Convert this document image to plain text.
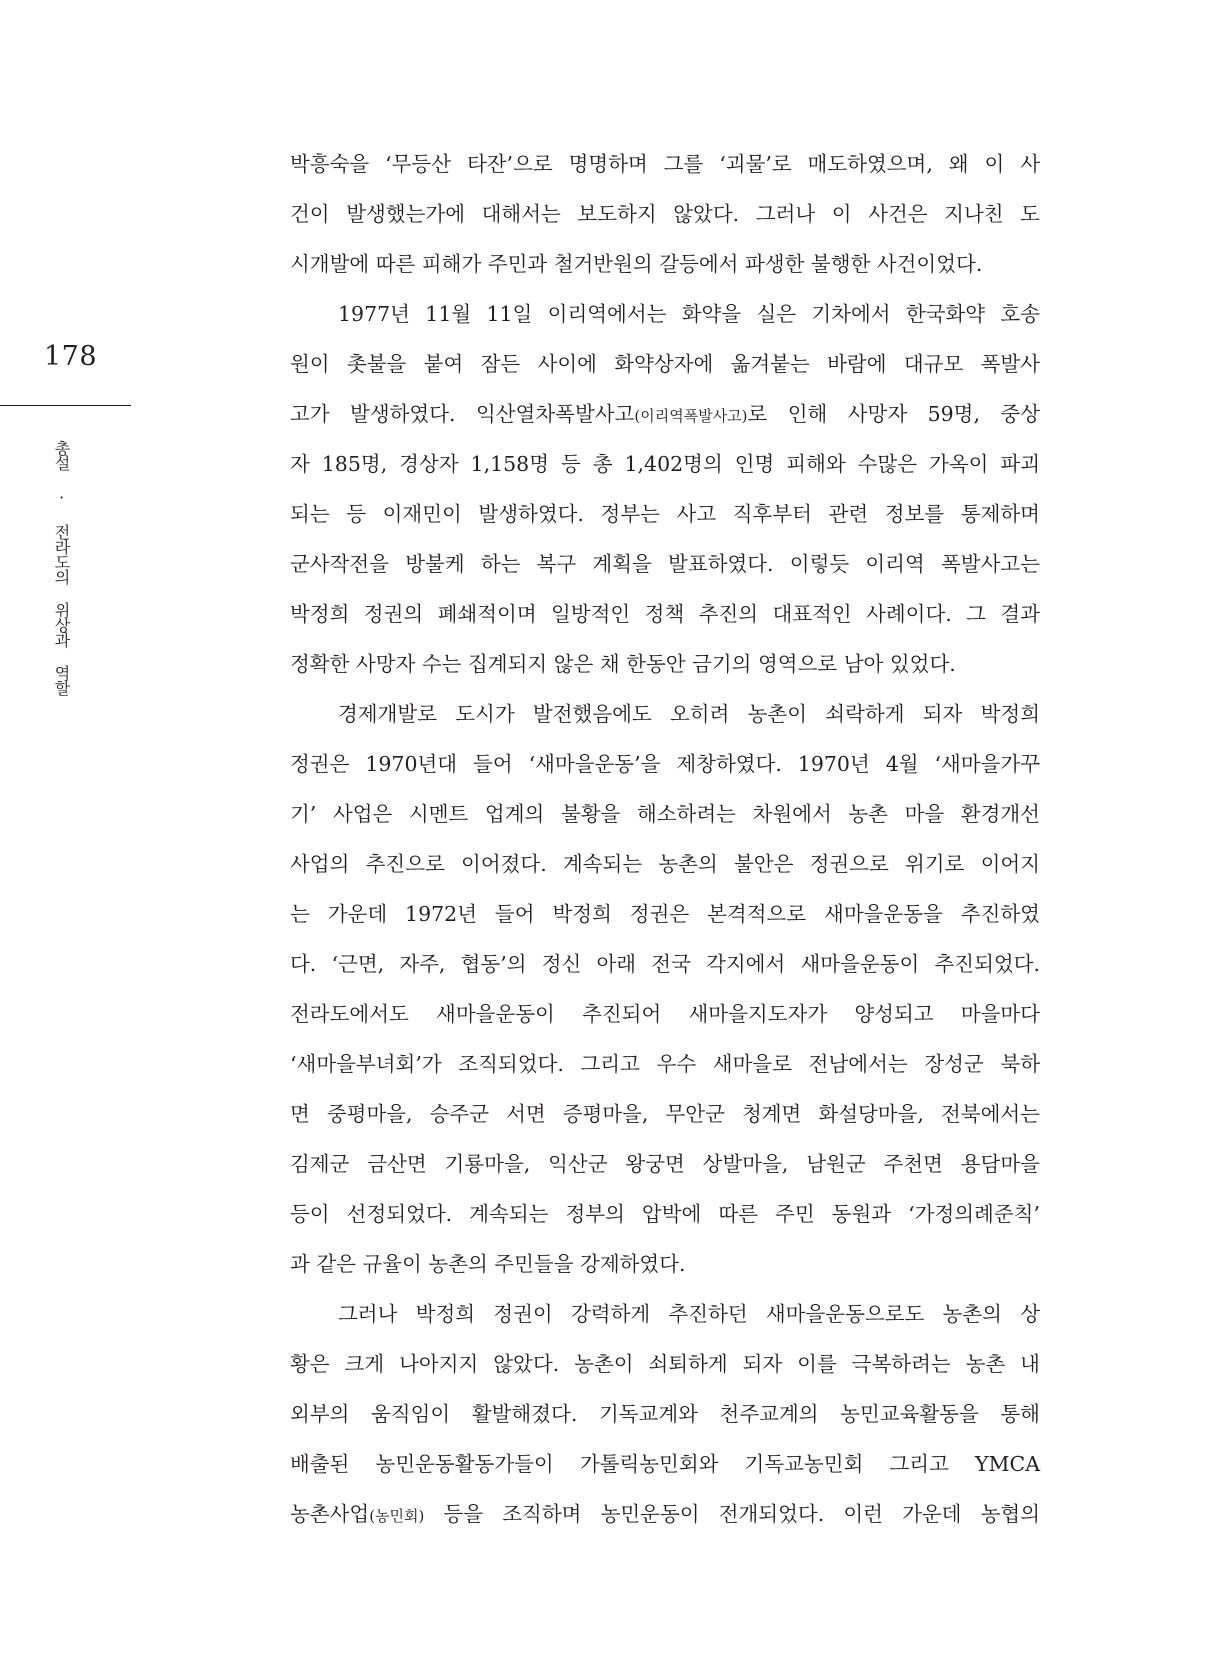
178
총설 · 전라도의 위상과 역할
박흥숙을 ‘무등산 타잔’으로 명명하며 그를 ‘괴물’로 매도하였으며, 왜 이 사
건이 발생했는가에 대해서는 보도하지 않았다. 그러나 이 사건은 지나친 도
시개발에 따른 피해가 주민과 철거반원의 갈등에서 파생한 불행한 사건이었다.
1977년 11월 11일 이리역에서는 화약을 실은 기차에서 한국화약 호송
원이 촛불을 붙여 잠든 사이에 화약상자에 옮겨붙는 바람에 대규모 폭발사
고가 발생하였다. 익산열차폭발사고(이리역폭발사고)로 인해 사망자 59명, 중상
자 185명, 경상자 1,158명 등 총 1,402명의 인명 피해와 수많은 가옥이 파괴
되는 등 이재민이 발생하였다. 정부는 사고 직후부터 관련 정보를 통제하며
군사작전을 방불케 하는 복구 계획을 발표하였다. 이렇듯 이리역 폭발사고는
박정희 정권의 폐쇄적이며 일방적인 정책 추진의 대표적인 사례이다. 그 결과
정확한 사망자 수는 집계되지 않은 채 한동안 금기의 영역으로 남아 있었다.
경제개발로 도시가 발전했음에도 오히려 농촌이 쇠락하게 되자 박정희
정권은 1970년대 들어 ‘새마을운동’을 제창하였다. 1970년 4월 ‘새마을가꾸
기’ 사업은 시멘트 업계의 불황을 해소하려는 차원에서 농촌 마을 환경개선
사업의 추진으로 이어졌다. 계속되는 농촌의 불안은 정권으로 위기로 이어지
는 가운데 1972년 들어 박정희 정권은 본격적으로 새마을운동을 추진하였
다. ‘근면, 자주, 협동’의 정신 아래 전국 각지에서 새마을운동이 추진되었다.
전라도에서도 새마을운동이 추진되어 새마을지도자가 양성되고 마을마다
‘새마을부녀회’가 조직되었다. 그리고 우수 새마을로 전남에서는 장성군 북하
면 중평마을, 승주군 서면 증평마을, 무안군 청계면 화설당마을, 전북에서는
김제군 금산면 기룡마을, 익산군 왕궁면 상발마을, 남원군 주천면 용담마을
등이 선정되었다. 계속되는 정부의 압박에 따른 주민 동원과 ‘가정의례준칙’
과 같은 규율이 농촌의 주민들을 강제하였다.
그러나 박정희 정권이 강력하게 추진하던 새마을운동으로도 농촌의 상
황은 크게 나아지지 않았다. 농촌이 쇠퇴하게 되자 이를 극복하려는 농촌 내
외부의 움직임이 활발해졌다. 기독교계와 천주교계의 농민교육활동을 통해
배출된 농민운동활동가들이 가톨릭농민회와 기독교농민회 그리고 YMCA
농촌사업(농민회) 등을 조직하며 농민운동이 전개되었다. 이런 가운데 농협의
